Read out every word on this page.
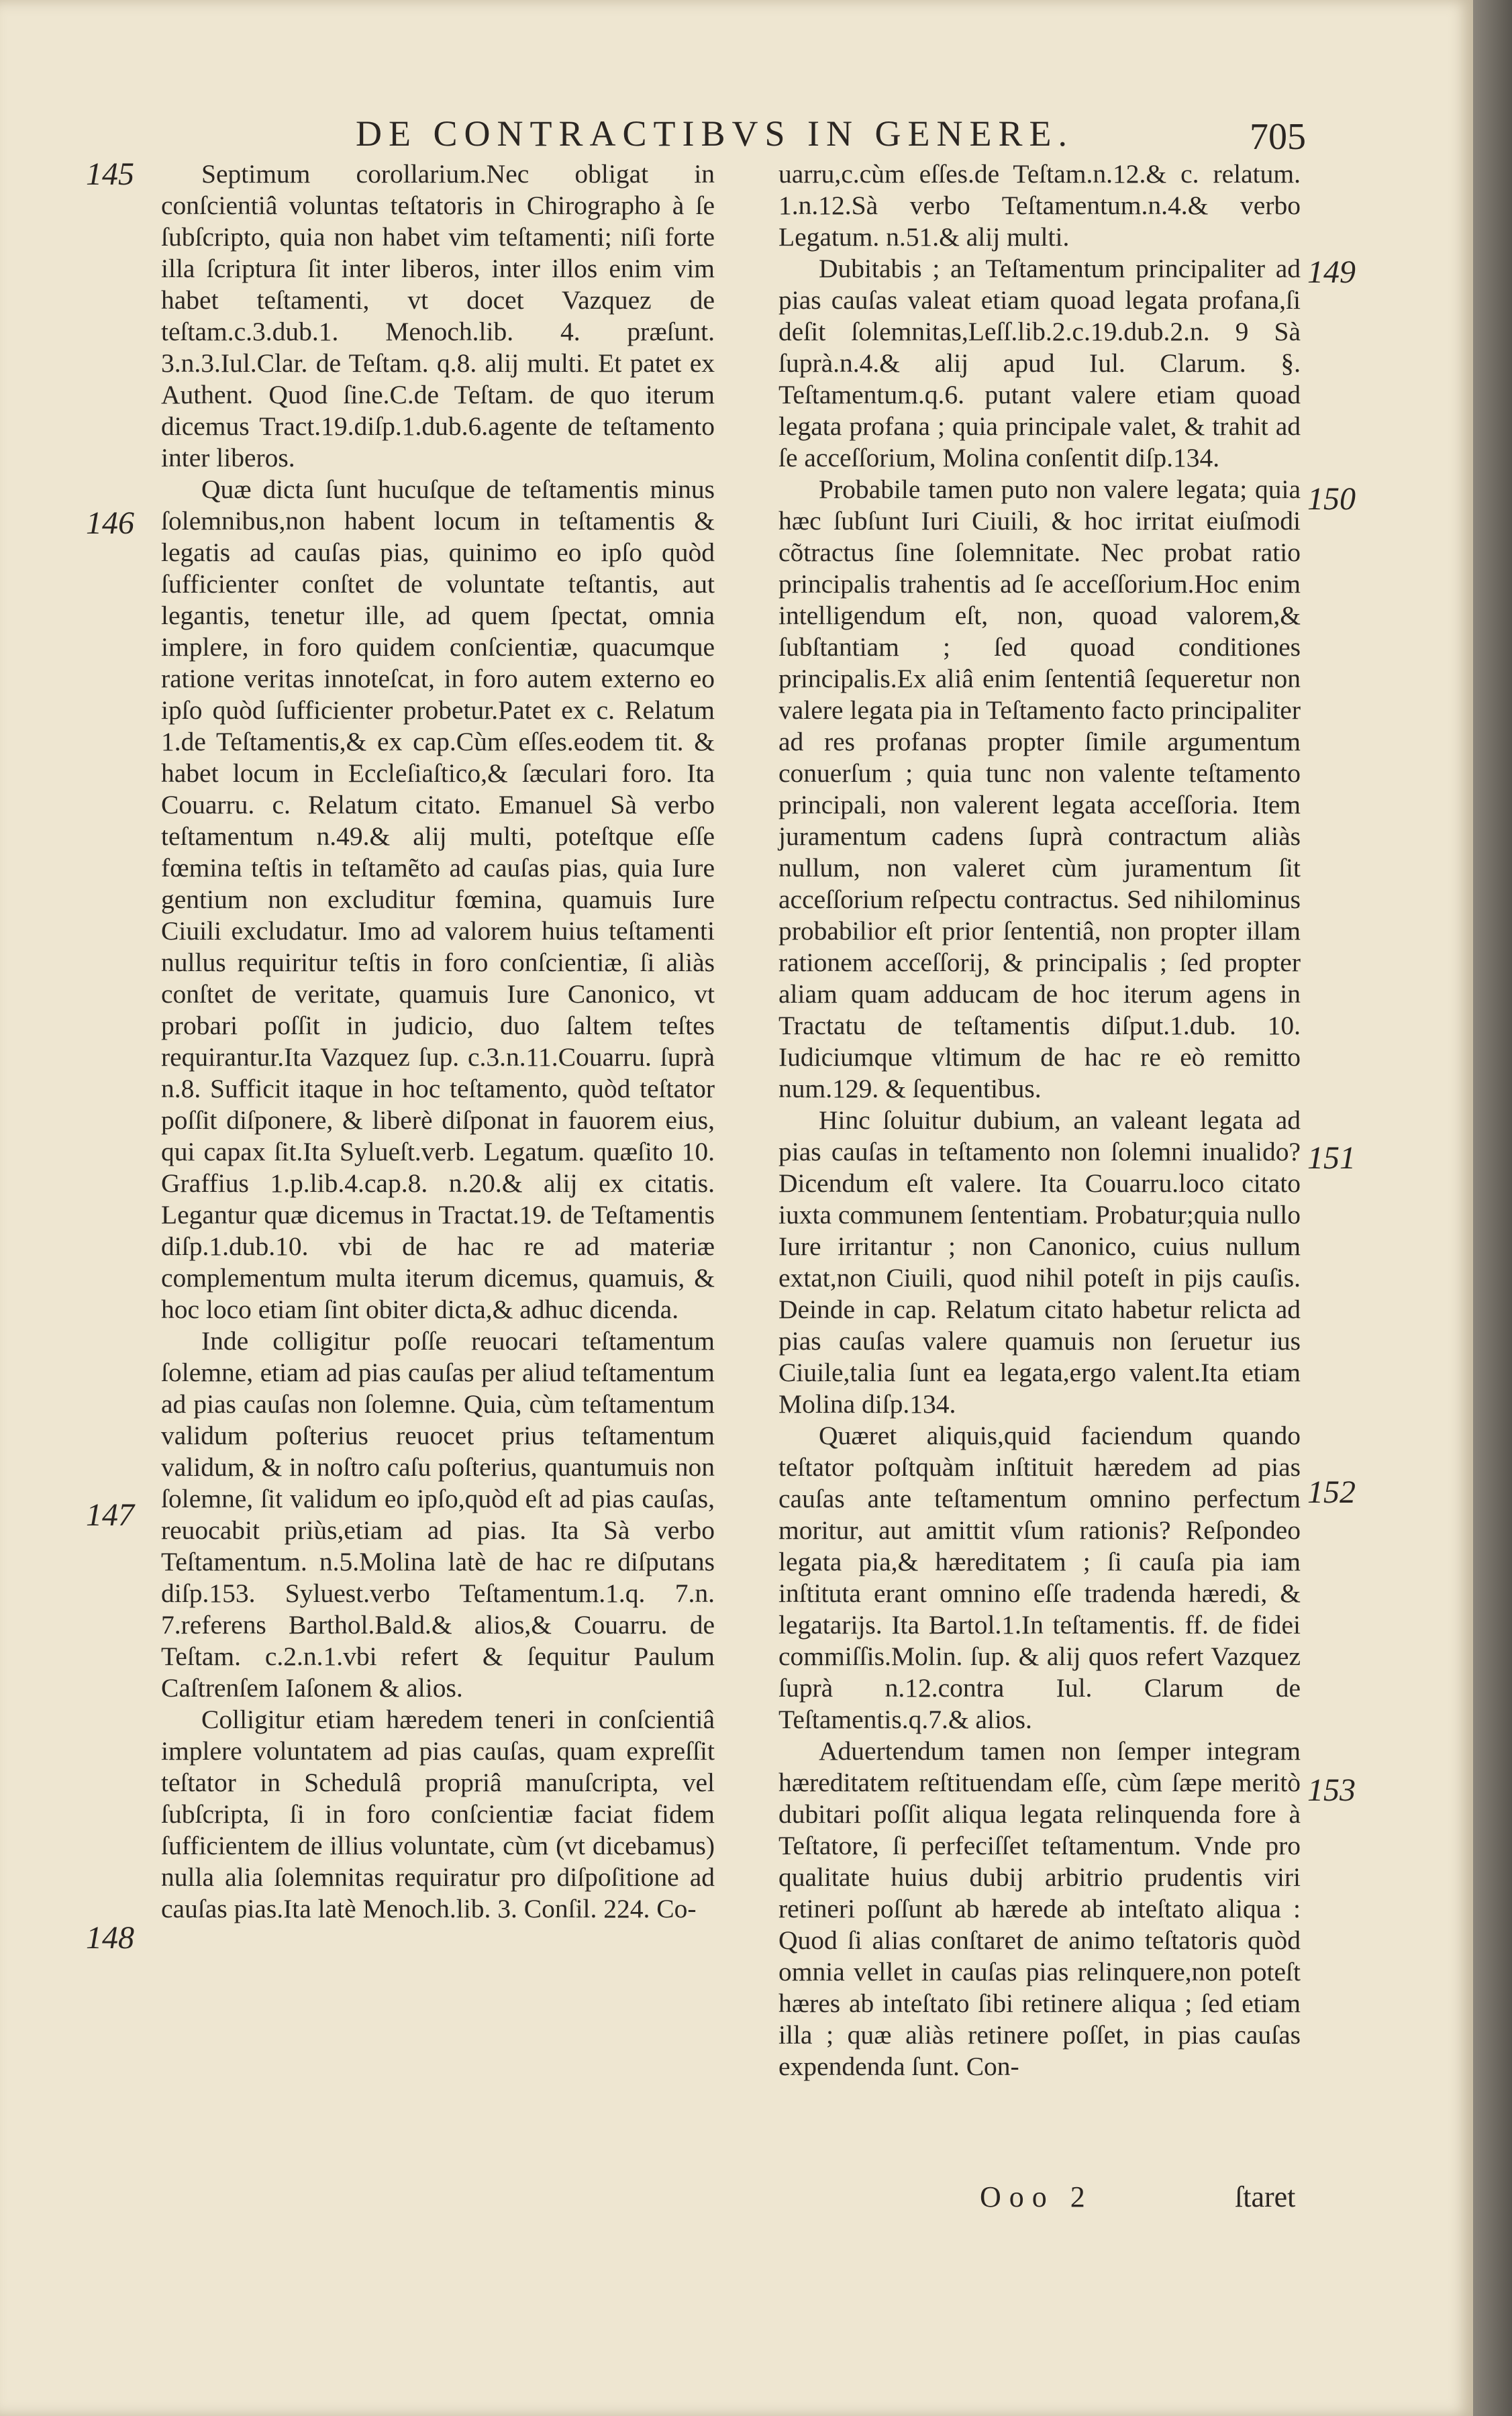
DE CONTRACTIBVS IN GENERE.	705
145
146
147
148
149
150
151
152
153

Septimum corollarium.Nec obligat in conſcientiâ voluntas teſtatoris in Chirographo à ſe ſubſcripto, quia non habet vim teſtamenti; niſi forte illa ſcriptura ſit inter liberos, inter illos enim vim habet teſtamenti, vt docet Vazquez de teſtam.c.3.dub.1. Menoch.lib. 4. præſunt. 3.n.3.Iul.Clar. de Teſtam. q.8. alij multi. Et patet ex Authent. Quod ſine.C.de Teſtam. de quo iterum dicemus Tract.19.diſp.1.dub.6.agente de teſtamento inter liberos.

Quæ dicta ſunt hucuſque de teſtamentis minus ſolemnibus,non habent locum in teſtamentis & legatis ad cauſas pias, quinimo eo ipſo quòd ſufficienter conſtet de voluntate teſtantis, aut legantis, tenetur ille, ad quem ſpectat, omnia implere, in foro quidem conſcientiæ, quacumque ratione veritas innoteſcat, in foro autem externo eo ipſo quòd ſufficienter probetur.Patet ex c. Relatum 1.de Teſtamentis,& ex cap.Cùm eſſes.eodem tit. & habet locum in Eccleſiaſtico,& ſæculari foro. Ita Couarru. c. Relatum citato. Emanuel Sà verbo teſtamentum n.49.& alij multi, poteſtque eſſe fœmina teſtis in teſtamẽto ad cauſas pias, quia Iure gentium non excluditur fœmina, quamuis Iure Ciuili excludatur. Imo ad valorem huius teſtamenti nullus requiritur teſtis in foro conſcientiæ, ſi aliàs conſtet de veritate, quamuis Iure Canonico, vt probari poſſit in judicio, duo ſaltem teſtes requirantur.Ita Vazquez ſup. c.3.n.11.Couarru. ſuprà n.8. Sufficit itaque in hoc teſtamento, quòd teſtator poſſit diſponere, & liberè diſponat in fauorem eius, qui capax ſit.Ita Sylueſt.verb. Legatum. quæſito 10. Graffius 1.p.lib.4.cap.8. n.20.& alij ex citatis. Legantur quæ dicemus in Tractat.19. de Teſtamentis diſp.1.dub.10. vbi de hac re ad materiæ complementum multa iterum dicemus, quamuis, & hoc loco etiam ſint obiter dicta,& adhuc dicenda.

Inde colligitur poſſe reuocari teſtamentum ſolemne, etiam ad pias cauſas per aliud teſtamentum ad pias cauſas non ſolemne. Quia, cùm teſtamentum validum poſterius reuocet prius teſtamentum validum, & in noſtro caſu poſterius, quantumuis non ſolemne, ſit validum eo ipſo,quòd eſt ad pias cauſas, reuocabit priùs,etiam ad pias. Ita Sà verbo Teſtamentum. n.5.Molina latè de hac re diſputans diſp.153. Syluest.verbo Teſtamentum.1.q. 7.n. 7.referens Barthol.Bald.& alios,& Couarru. de Teſtam. c.2.n.1.vbi refert & ſequitur Paulum Caſtrenſem Iaſonem & alios.

Colligitur etiam hæredem teneri in conſcientiâ implere voluntatem ad pias cauſas, quam expreſſit teſtator in Schedulâ propriâ manuſcripta, vel ſubſcripta, ſi in foro conſcientiæ faciat fidem ſufficientem de illius voluntate, cùm (vt dicebamus) nulla alia ſolemnitas requiratur pro diſpoſitione ad cauſas pias.Ita latè Menoch.lib. 3. Conſil. 224. Co-

uarru,c.cùm eſſes.de Teſtam.n.12.& c. relatum. 1.n.12.Sà verbo Teſtamentum.n.4.& verbo Legatum. n.51.& alij multi.

Dubitabis ; an Teſtamentum principaliter ad pias cauſas valeat etiam quoad legata profana,ſi deſit ſolemnitas,Leſſ.lib.2.c.19.dub.2.n. 9 Sà ſuprà.n.4.& alij apud Iul. Clarum. §. Teſtamentum.q.6. putant valere etiam quoad legata profana ; quia principale valet, & trahit ad ſe acceſſorium, Molina conſentit diſp.134.

Probabile tamen puto non valere legata; quia hæc ſubſunt Iuri Ciuili, & hoc irritat eiuſmodi cõtractus ſine ſolemnitate. Nec probat ratio principalis trahentis ad ſe acceſſorium.Hoc enim intelligendum eſt, non, quoad valorem,& ſubſtantiam ; ſed quoad conditiones principalis.Ex aliâ enim ſententiâ ſequeretur non valere legata pia in Teſtamento facto principaliter ad res profanas propter ſimile argumentum conuerſum ; quia tunc non valente teſtamento principali, non valerent legata acceſſoria. Item juramentum cadens ſuprà contractum aliàs nullum, non valeret cùm juramentum ſit acceſſorium reſpectu contractus. Sed nihilominus probabilior eſt prior ſententiâ, non propter illam rationem acceſſorij, & principalis ; ſed propter aliam quam adducam de hoc iterum agens in Tractatu de teſtamentis diſput.1.dub. 10. Iudiciumque vltimum de hac re eò remitto num.129. & ſequentibus.

Hinc ſoluitur dubium, an valeant legata ad pias cauſas in teſtamento non ſolemni inualido? Dicendum eſt valere. Ita Couarru.loco citato iuxta communem ſententiam. Probatur;quia nullo Iure irritantur ; non Canonico, cuius nullum extat,non Ciuili, quod nihil poteſt in pijs cauſis. Deinde in cap. Relatum citato habetur relicta ad pias cauſas valere quamuis non ſeruetur ius Ciuile,talia ſunt ea legata,ergo valent.Ita etiam Molina diſp.134.

Quæret aliquis,quid faciendum quando teſtator poſtquàm inſtituit hæredem ad pias cauſas ante teſtamentum omnino perfectum moritur, aut amittit vſum rationis? Reſpondeo legata pia,& hæreditatem ; ſi cauſa pia iam inſtituta erant omnino eſſe tradenda hæredi, & legatarijs. Ita Bartol.1.In teſtamentis. ff. de fidei commiſſis.Molin. ſup. & alij quos refert Vazquez ſuprà n.12.contra Iul. Clarum de Teſtamentis.q.7.& alios.

Aduertendum tamen non ſemper integram hæreditatem reſtituendam eſſe, cùm ſæpe meritò dubitari poſſit aliqua legata relinquenda fore à Teſtatore, ſi perfeciſſet teſtamentum. Vnde pro qualitate huius dubij arbitrio prudentis viri retineri poſſunt ab hærede ab inteſtato aliqua : Quod ſi alias conſtaret de animo teſtatoris quòd omnia vellet in cauſas pias relinquere,non poteſt hæres ab inteſtato ſibi retinere aliqua ; ſed etiam illa ; quæ aliàs retinere poſſet, in pias cauſas expendenda ſunt. Con-

Ooo 2	ſtaret
